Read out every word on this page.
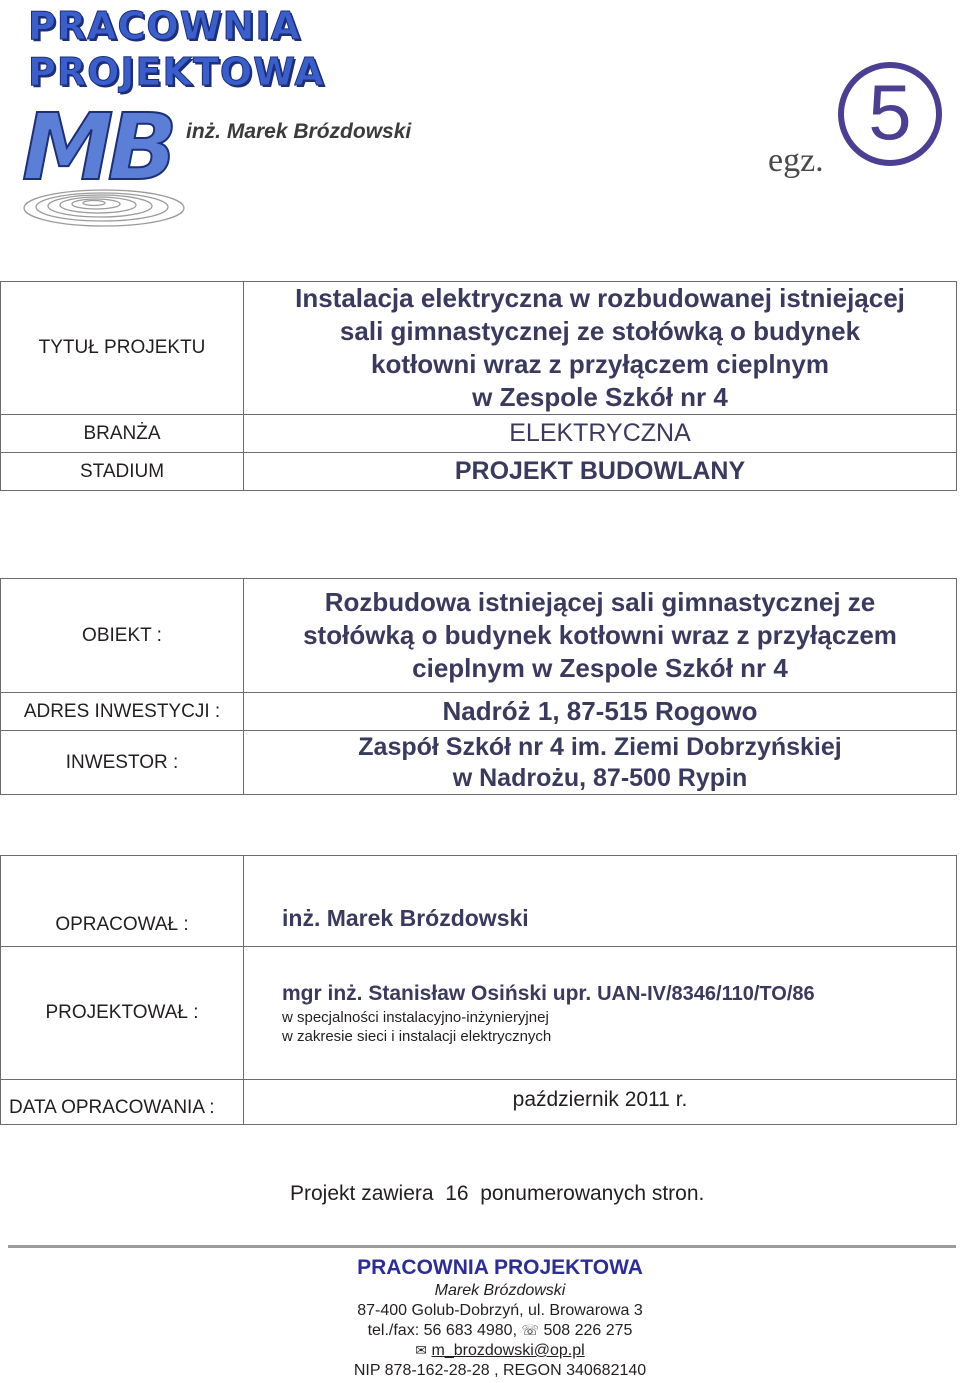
PRACOWNIA
PROJEKTOWA
MB inż. Marek Brózdowski
egz.
5
TYTUŁ PROJEKTU	Instalacja elektryczna w rozbudowanej istniejącej
sali gimnastycznej ze stołówką o budynek
kotłowni wraz z przyłączem cieplnym
w Zespole Szkół nr 4

BRANŻA	ELEKTRYCZNA
STADIUM	PROJEKT BUDOWLANY
OBIEKT :	Rozbudowa istniejącej sali gimnastycznej ze
stołówką o budynek kotłowni wraz z przyłączem
cieplnym w Zespole Szkół nr 4

ADRES INWESTYCJI :	Nadróż 1, 87-515 Rogowo
INWESTOR :	Zaspół Szkół nr 4 im. Ziemi Dobrzyńskiej
w Nadrożu, 87-500 Rypin
OPRACOWAŁ :	inż. Marek Brózdowski
PROJEKTOWAŁ :	mgr inż. Stanisław Osiński upr. UAN-IV/8346/110/TO/86
w specjalności instalacyjno-inżynieryjnej
w zakresie sieci i instalacji elektrycznych

DATA OPRACOWANIA :	październik 2011 r.
Projekt zawiera  16  ponumerowanych stron.
PRACOWNIA PROJEKTOWA
Marek Brózdowski
87-400 Golub-Dobrzyń, ul. Browarowa 3
tel./fax: 56 683 4980, ☏ 508 226 275
✉ m_brozdowski@op.pl
NIP 878-162-28-28 , REGON 340682140
